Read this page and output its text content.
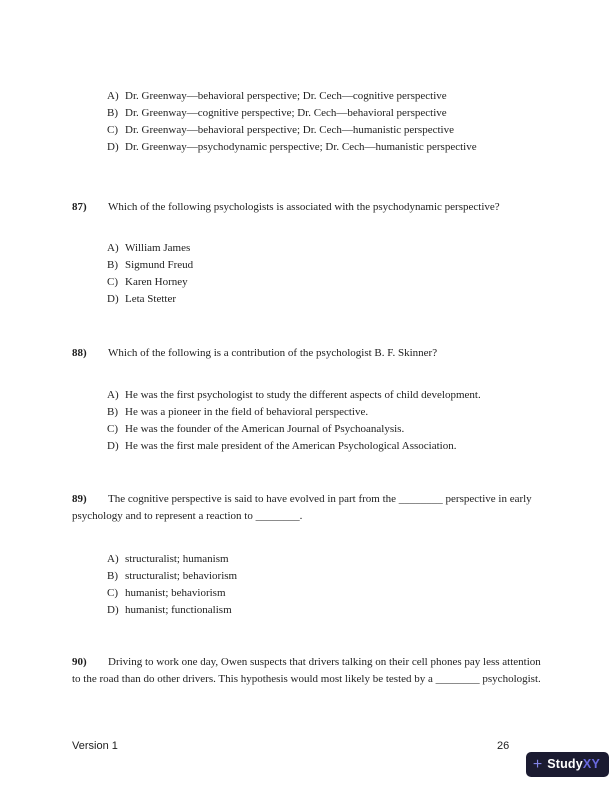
A) Dr. Greenway—behavioral perspective; Dr. Cech—cognitive perspective
B) Dr. Greenway—cognitive perspective; Dr. Cech—behavioral perspective
C) Dr. Greenway—behavioral perspective; Dr. Cech—humanistic perspective
D) Dr. Greenway—psychodynamic perspective; Dr. Cech—humanistic perspective
87) Which of the following psychologists is associated with the psychodynamic perspective?
A) William James
B) Sigmund Freud
C) Karen Horney
D) Leta Stetter
88) Which of the following is a contribution of the psychologist B. F. Skinner?
A) He was the first psychologist to study the different aspects of child development.
B) He was a pioneer in the field of behavioral perspective.
C) He was the founder of the American Journal of Psychoanalysis.
D) He was the first male president of the American Psychological Association.
89) The cognitive perspective is said to have evolved in part from the ________ perspective in early psychology and to represent a reaction to ________.
A) structuralist; humanism
B) structuralist; behaviorism
C) humanist; behaviorism
D) humanist; functionalism
90) Driving to work one day, Owen suspects that drivers talking on their cell phones pay less attention to the road than do other drivers. This hypothesis would most likely be tested by a ________ psychologist.
Version 1	26
+ Study XY
